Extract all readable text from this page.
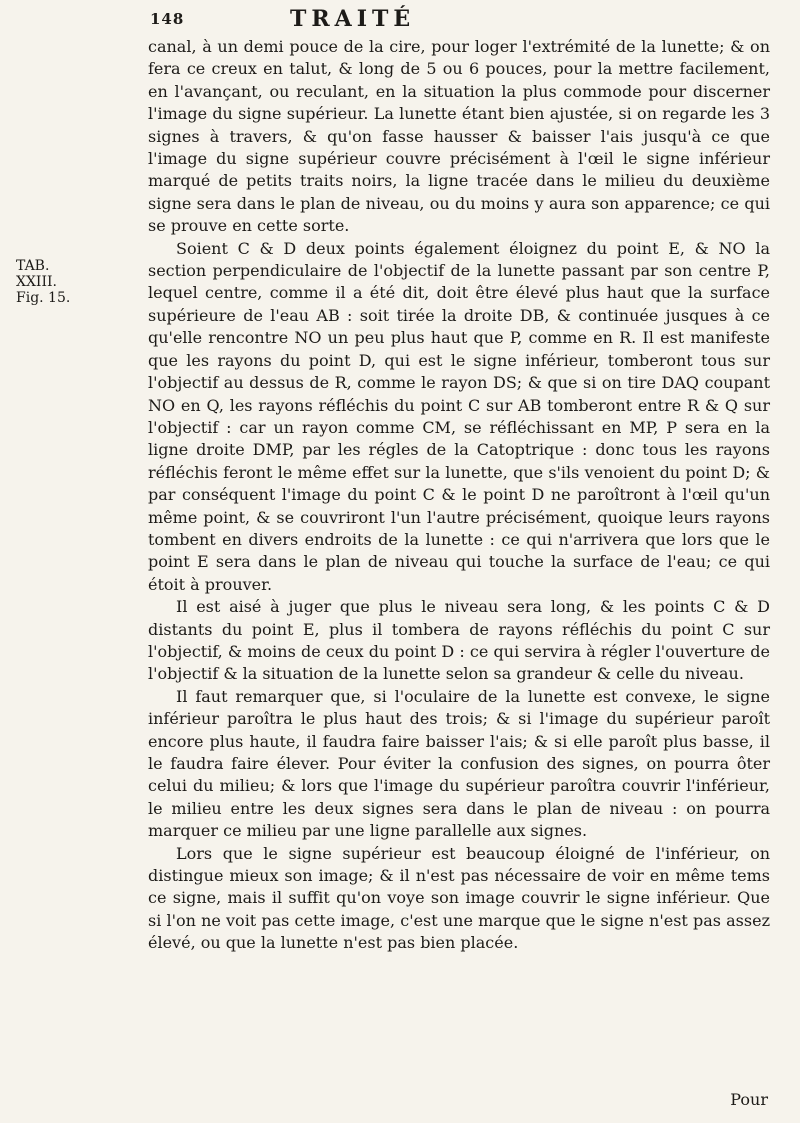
148	TRAITÉ
TAB.
XXIII.
Fig. 15.

canal, à un demi pouce de la cire, pour loger l'extrémité de la lunette; & on fera ce creux en talut, & long de 5 ou 6 pouces, pour la mettre facilement, en l'avançant, ou reculant, en la situation la plus commode pour discerner l'image du signe supérieur. La lunette étant bien ajustée, si on regarde les 3 signes à travers, & qu'on fasse hausser & baisser l'ais jusqu'à ce que l'image du signe supérieur couvre précisément à l'œil le signe inférieur marqué de petits traits noirs, la ligne tracée dans le milieu du deuxième signe sera dans le plan de niveau, ou du moins y aura son apparence; ce qui se prouve en cette sorte.

Soient C & D deux points également éloignez du point E, & NO la section perpendiculaire de l'objectif de la lunette passant par son centre P, lequel centre, comme il a été dit, doit être élevé plus haut que la surface supérieure de l'eau AB : soit tirée la droite DB, & continuée jusques à ce qu'elle rencontre NO un peu plus haut que P, comme en R. Il est manifeste que les rayons du point D, qui est le signe inférieur, tomberont tous sur l'objectif au dessus de R, comme le rayon DS; & que si on tire DAQ coupant NO en Q, les rayons réfléchis du point C sur AB tomberont entre R & Q sur l'objectif : car un rayon comme CM, se réfléchissant en MP, P sera en la ligne droite DMP, par les régles de la Catoptrique : donc tous les rayons réfléchis feront le même effet sur la lunette, que s'ils venoient du point D; & par conséquent l'image du point C & le point D ne paroîtront à l'œil qu'un même point, & se couvriront l'un l'autre précisément, quoique leurs rayons tombent en divers endroits de la lunette : ce qui n'arrivera que lors que le point E sera dans le plan de niveau qui touche la surface de l'eau; ce qui étoit à prouver.

Il est aisé à juger que plus le niveau sera long, & les points C & D distants du point E, plus il tombera de rayons réfléchis du point C sur l'objectif, & moins de ceux du point D : ce qui servira à régler l'ouverture de l'objectif & la situation de la lunette selon sa grandeur & celle du niveau.

Il faut remarquer que, si l'oculaire de la lunette est convexe, le signe inférieur paroîtra le plus haut des trois; & si l'image du supérieur paroît encore plus haute, il faudra faire baisser l'ais; & si elle paroît plus basse, il le faudra faire élever. Pour éviter la confusion des signes, on pourra ôter celui du milieu; & lors que l'image du supérieur paroîtra couvrir l'inférieur, le milieu entre les deux signes sera dans le plan de niveau : on pourra marquer ce milieu par une ligne parallelle aux signes.

Lors que le signe supérieur est beaucoup éloigné de l'inférieur, on distingue mieux son image; & il n'est pas nécessaire de voir en même tems ce signe, mais il suffit qu'on voye son image couvrir le signe inférieur. Que si l'on ne voit pas cette image, c'est une marque que le signe n'est pas assez élevé, ou que la lunette n'est pas bien placée.

Pour
